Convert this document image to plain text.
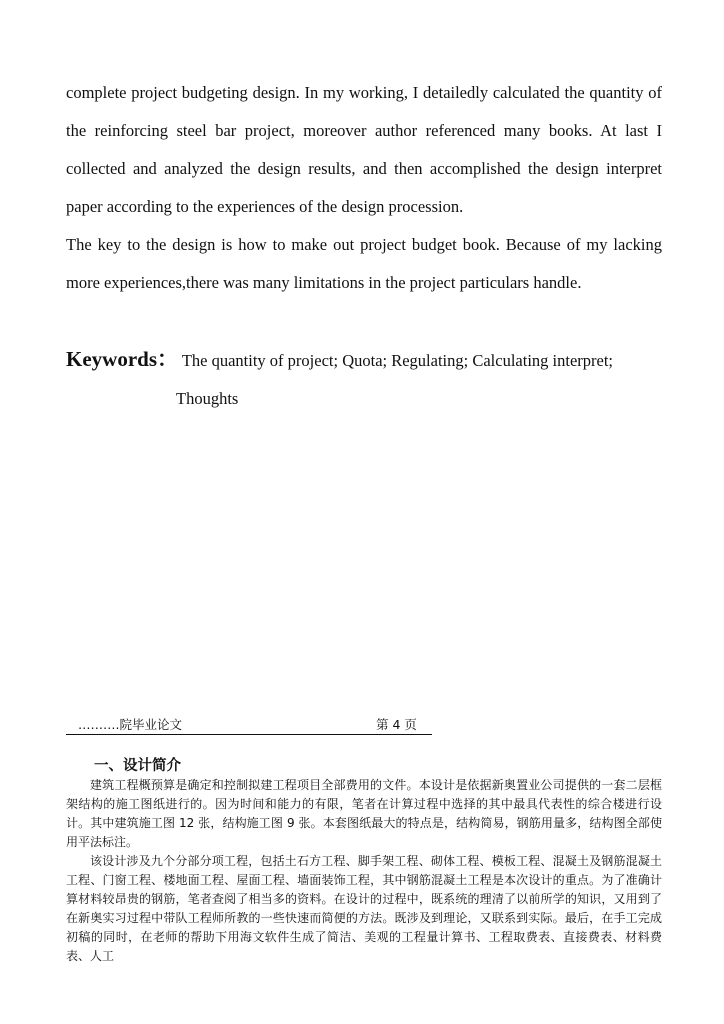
complete project budgeting design. In my working, I detailedly calculated the quantity of the reinforcing steel bar project, moreover author referenced many books. At last I collected and analyzed the design results, and then accomplished the design interpret paper according to the experiences of the design procession.

The key to the design is how to make out project budget book. Because of my lacking more experiences,there was many limitations in the project particulars handle.

Keywords： The quantity of project; Quota; Regulating; Calculating interpret;
Thoughts
……….院毕业论文	第 4 页
一、设计简介

建筑工程概预算是确定和控制拟建工程项目全部费用的文件。本设计是依据新奥置业公司提供的一套二层框架结构的施工图纸进行的。因为时间和能力的有限，笔者在计算过程中选择的其中最具代表性的综合楼进行设计。其中建筑施工图 12 张，结构施工图 9 张。本套图纸最大的特点是，结构简易，钢筋用量多，结构图全部使用平法标注。

该设计涉及九个分部分项工程，包括土石方工程、脚手架工程、砌体工程、模板工程、混凝土及钢筋混凝土工程、门窗工程、楼地面工程、屋面工程、墙面装饰工程，其中钢筋混凝土工程是本次设计的重点。为了准确计算材料较昂贵的钢筋，笔者查阅了相当多的资料。在设计的过程中，既系统的理清了以前所学的知识，又用到了在新奥实习过程中带队工程师所教的一些快速而简便的方法。既涉及到理论，又联系到实际。最后，在手工完成初稿的同时，在老师的帮助下用海文软件生成了简洁、美观的工程量计算书、工程取费表、直接费表、材料费表、人工
